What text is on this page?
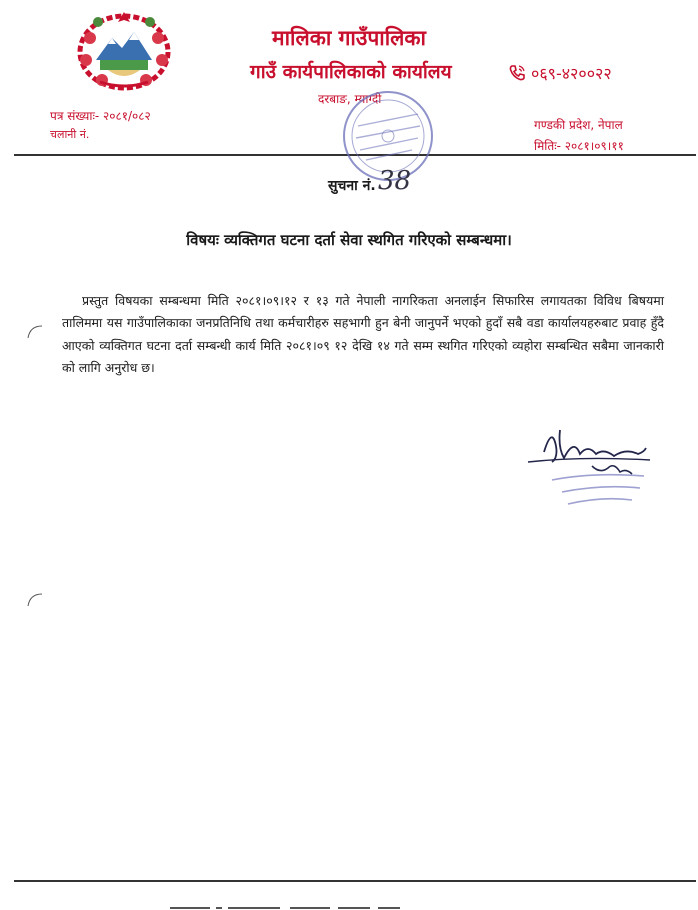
मालिका गाउँपालिका
गाउँ कार्यपालिकाको कार्यालय	०६९-४२००२२
दरबाङ, म्याग्दी
पत्र संख्याः- २०८१/०८२
चलानी नं.
गण्डकी प्रदेश, नेपाल
मितिः- २०८१।०९।११
सुचना नं. 38
विषयः व्यक्तिगत घटना दर्ता सेवा स्थगित गरिएको सम्बन्धमा।
प्रस्तुत विषयका सम्बन्धमा मिति २०८१।०९।१२ र १३ गते नेपाली नागरिकता अनलाईन सिफारिस लगायतका विविध बिषयमा तालिममा यस गाउँपालिकाका जनप्रतिनिधि तथा कर्मचारीहरु सहभागी हुन बेनी जानुपर्ने भएको हुदाँ सबै वडा कार्यालयहरुबाट प्रवाह हुँदै आएको व्यक्तिगत घटना दर्ता सम्बन्धी कार्य मिति २०८१।०९ १२ देखि १४ गते सम्म स्थगित गरिएको व्यहोरा सम्बन्धित सबैमा जानकारी को लागि अनुरोध छ।
